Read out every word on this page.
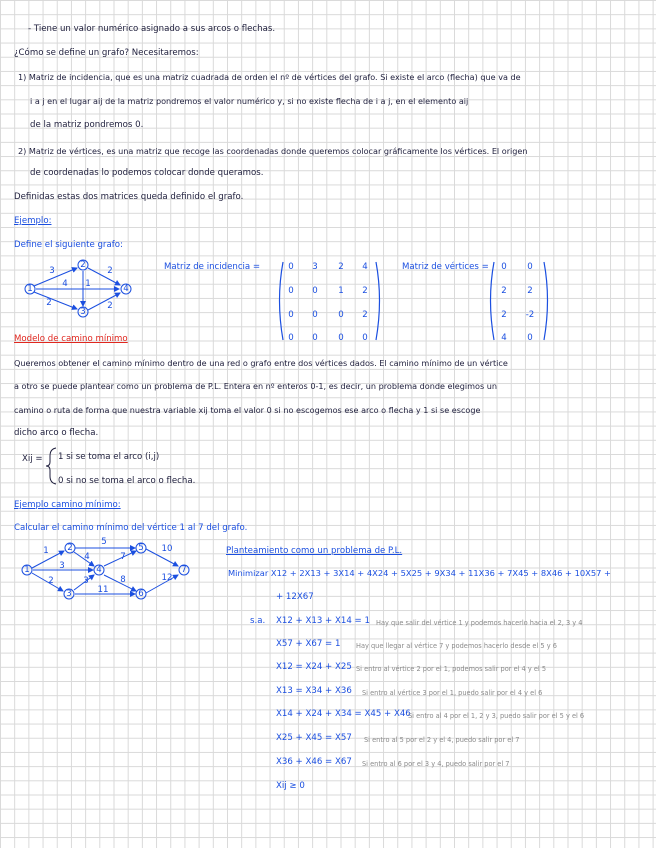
- Tiene un valor numérico asignado a sus arcos o flechas.
¿Cómo se define un grafo? Necesitaremos:
1) Matriz de incidencia, que es una matriz cuadrada de orden el nº de vértices del grafo. Si existe el arco (flecha) que va de
i a j en el lugar aij de la matriz pondremos el valor numérico y, si no existe flecha de i a j, en el elemento aij
de la matriz pondremos 0.
2) Matriz de vértices, es una matriz que recoge las coordenadas donde queremos colocar gráficamente los vértices. El origen
de coordenadas lo podemos colocar donde queramos.
Definidas estas dos matrices queda definido el grafo.
Ejemplo:
Define el siguiente grafo:
1
2
3
4
3
2
2
1
4
2
Matriz de incidencia =	0	3	2	4
0	0	1	2
0	0	0	2
0	0	0	0
Matriz de vértices =	0	0
2	2
2	-2
4	0
Modelo de camino mínimo
Queremos obtener el camino mínimo dentro de una red o grafo entre dos vértices dados. El camino mínimo de un vértice
a otro se puede plantear como un problema de P.L. Entera en nº enteros 0-1, es decir, un problema donde elegimos un
camino o ruta de forma que nuestra variable xij toma el valor 0 si no escogemos ese arco o flecha y 1 si se escoge
dicho arco o flecha.
Xij = 1 si se toma el arco (i,j)
0 si no se toma el arco o flecha.
Ejemplo camino mínimo:
Calcular el camino mínimo del vértice 1 al 7 del grafo.
1
2
3
4
5
6
7
1
3
2
5
4
3
7
8
11
10
12
Planteamiento como un problema de P.L.
Minimizar X12 + 2X13 + 3X14 + 4X24 + 5X25 + 9X34 + 11X36 + 7X45 + 8X46 + 10X57 +
+ 12X67
s.a. X12 + X13 + X14 = 1 Hay que salir del vértice 1 y podemos hacerlo hacia el 2, 3 y 4
X57 + X67 = 1 Hay que llegar al vértice 7 y podemos hacerlo desde el 5 y 6
X12 = X24 + X25 Si entro al vértice 2 por el 1, podemos salir por el 4 y el 5
X13 = X34 + X36 Si entro al vértice 3 por el 1, puedo salir por el 4 y el 6
X14 + X24 + X34 = X45 + X46
Si entro al 4 por el 1, 2 y 3, puedo salir por el 5 y el 6
X25 + X45 = X57 Si entro al 5 por el 2 y el 4, puedo salir por el 7
X36 + X46 = X67 Si entro al 6 por el 3 y 4, puedo salir por el 7
Xij ≥ 0
